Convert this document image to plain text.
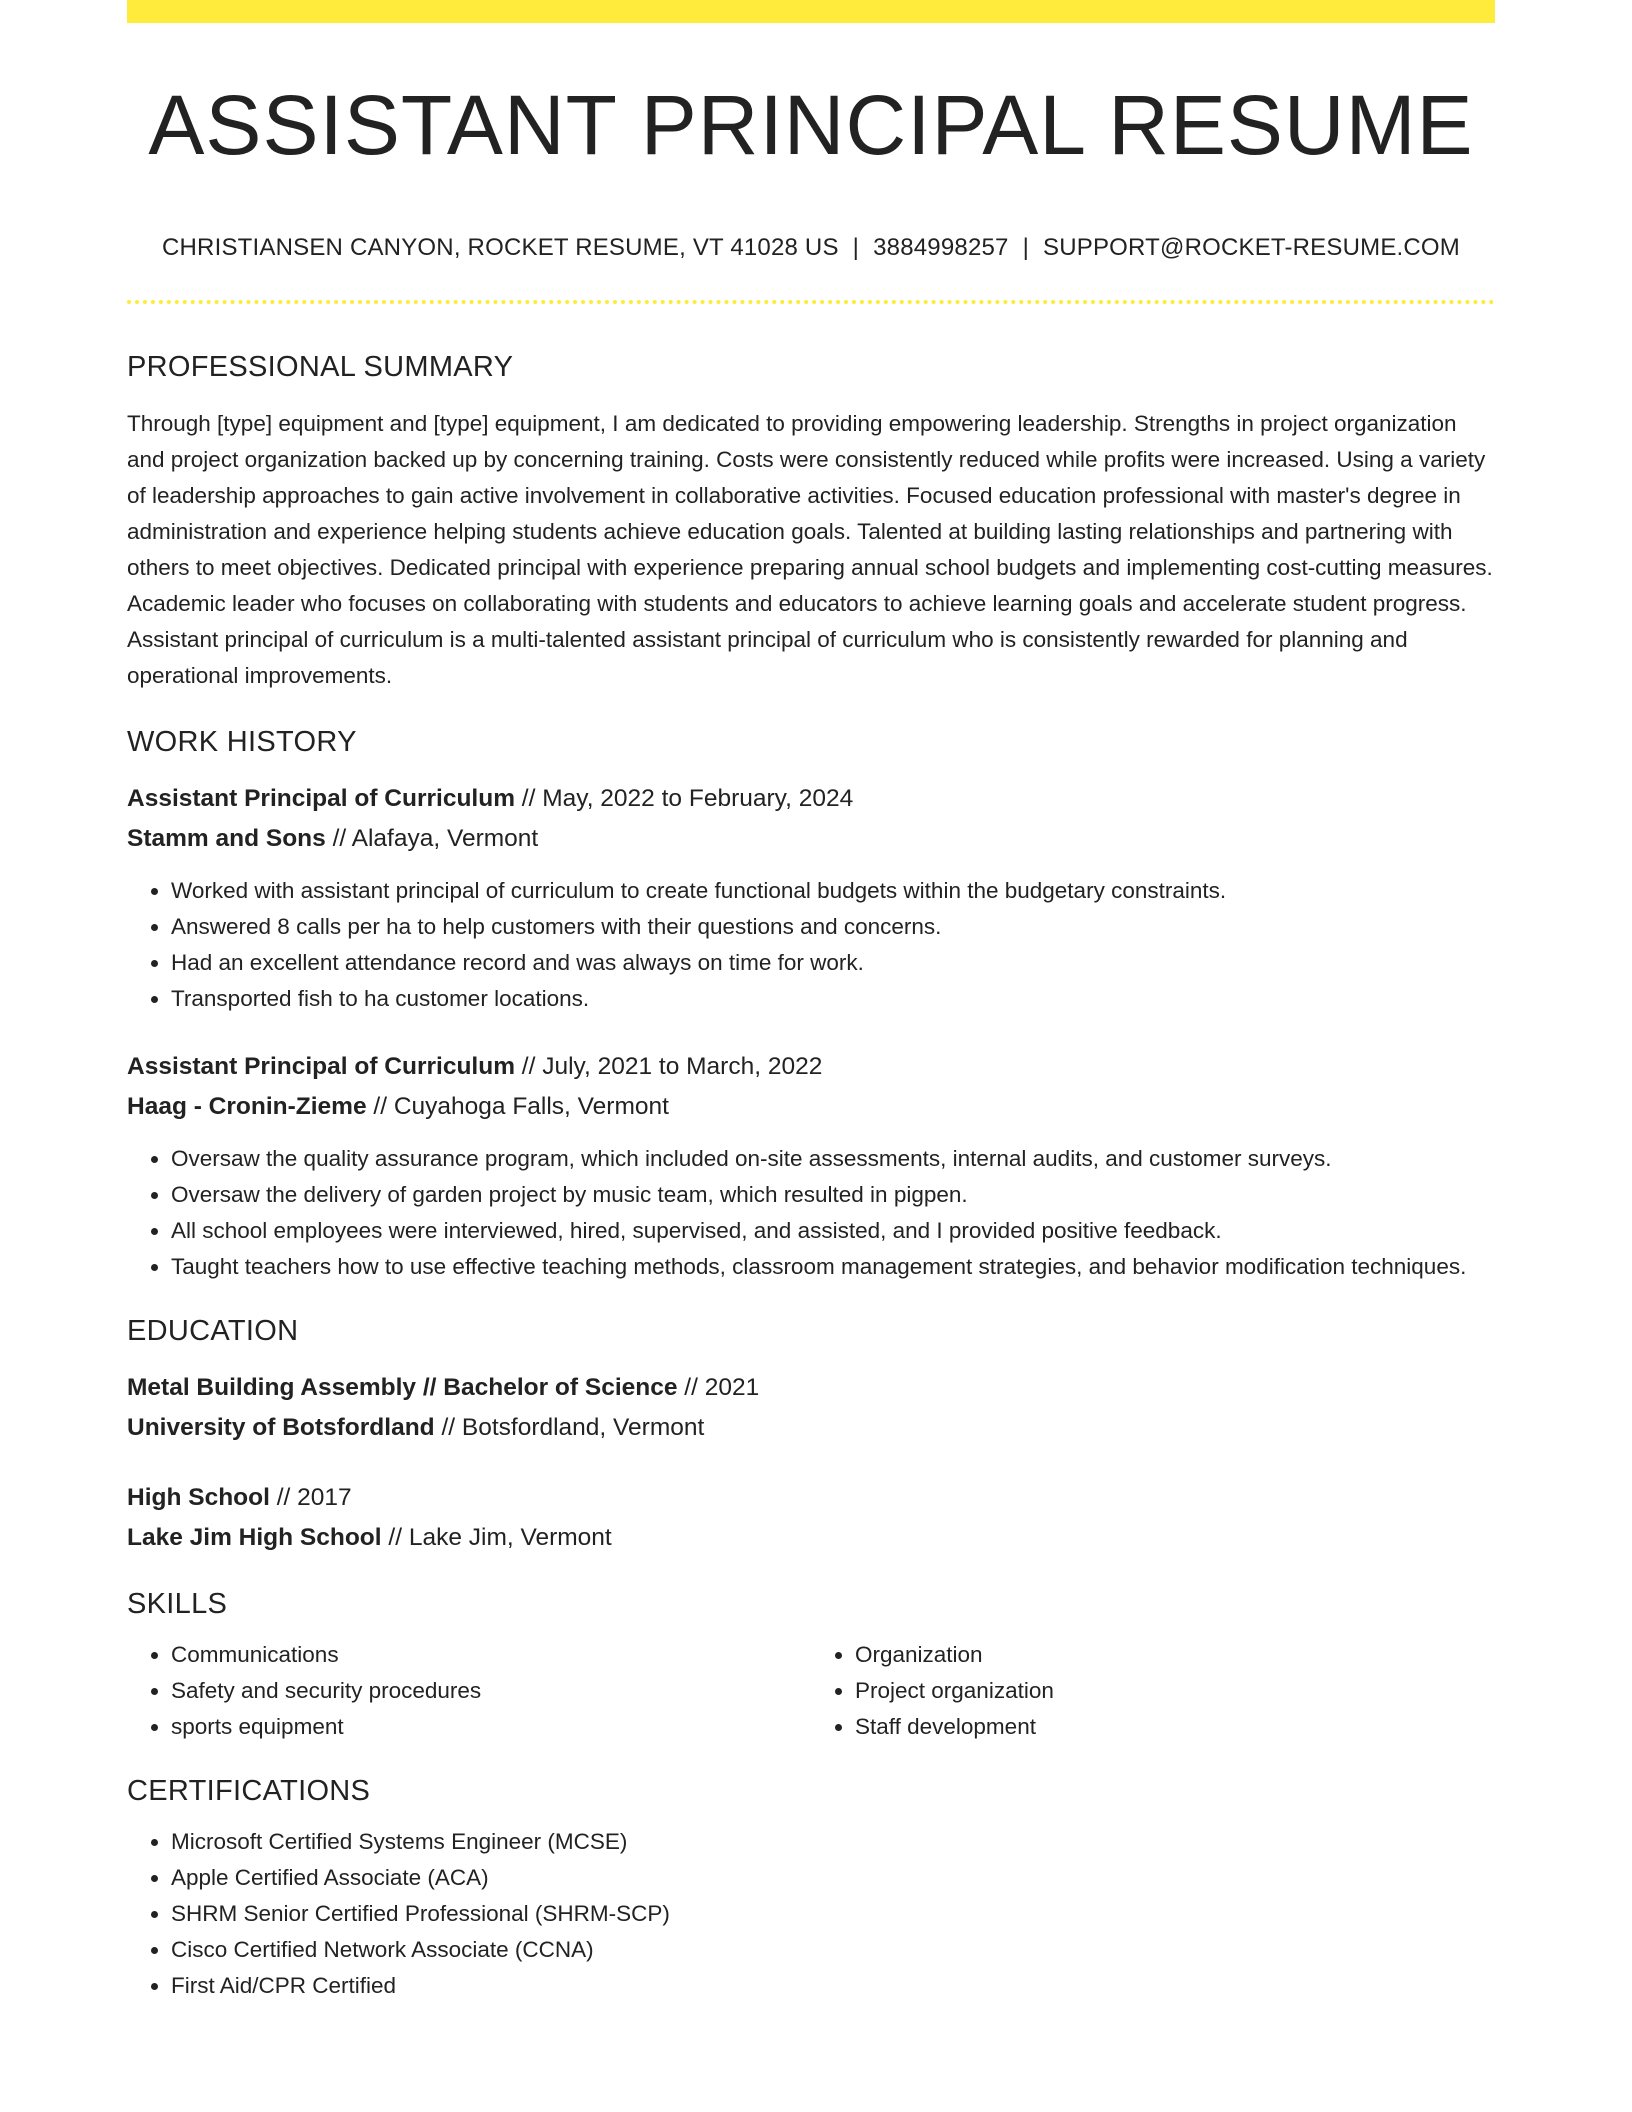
ASSISTANT PRINCIPAL RESUME
CHRISTIANSEN CANYON, ROCKET RESUME, VT 41028 US | 3884998257 | SUPPORT@ROCKET-RESUME.COM
PROFESSIONAL SUMMARY

Through [type] equipment and [type] equipment, I am dedicated to providing empowering leadership. Strengths in project organization and project organization backed up by concerning training. Costs were consistently reduced while profits were increased. Using a variety of leadership approaches to gain active involvement in collaborative activities. Focused education professional with master's degree in administration and experience helping students achieve education goals. Talented at building lasting relationships and partnering with others to meet objectives. Dedicated principal with experience preparing annual school budgets and implementing cost-cutting measures. Academic leader who focuses on collaborating with students and educators to achieve learning goals and accelerate student progress. Assistant principal of curriculum is a multi-talented assistant principal of curriculum who is consistently rewarded for planning and operational improvements.

WORK HISTORY
Assistant Principal of Curriculum // May, 2022 to February, 2024
Stamm and Sons // Alafaya, Vermont
• Worked with assistant principal of curriculum to create functional budgets within the budgetary constraints.
• Answered 8 calls per ha to help customers with their questions and concerns.
• Had an excellent attendance record and was always on time for work.
• Transported fish to ha customer locations.
Assistant Principal of Curriculum // July, 2021 to March, 2022
Haag - Cronin-Zieme // Cuyahoga Falls, Vermont
• Oversaw the quality assurance program, which included on-site assessments, internal audits, and customer surveys.
• Oversaw the delivery of garden project by music team, which resulted in pigpen.
• All school employees were interviewed, hired, supervised, and assisted, and I provided positive feedback.
• Taught teachers how to use effective teaching methods, classroom management strategies, and behavior modification techniques.
EDUCATION
Metal Building Assembly // Bachelor of Science // 2021
University of Botsfordland // Botsfordland, Vermont
High School // 2017
Lake Jim High School // Lake Jim, Vermont
SKILLS
• Communications
• Safety and security procedures
• sports equipment
• Organization
• Project organization
• Staff development
CERTIFICATIONS
• Microsoft Certified Systems Engineer (MCSE)
• Apple Certified Associate (ACA)
• SHRM Senior Certified Professional (SHRM-SCP)
• Cisco Certified Network Associate (CCNA)
• First Aid/CPR Certified
